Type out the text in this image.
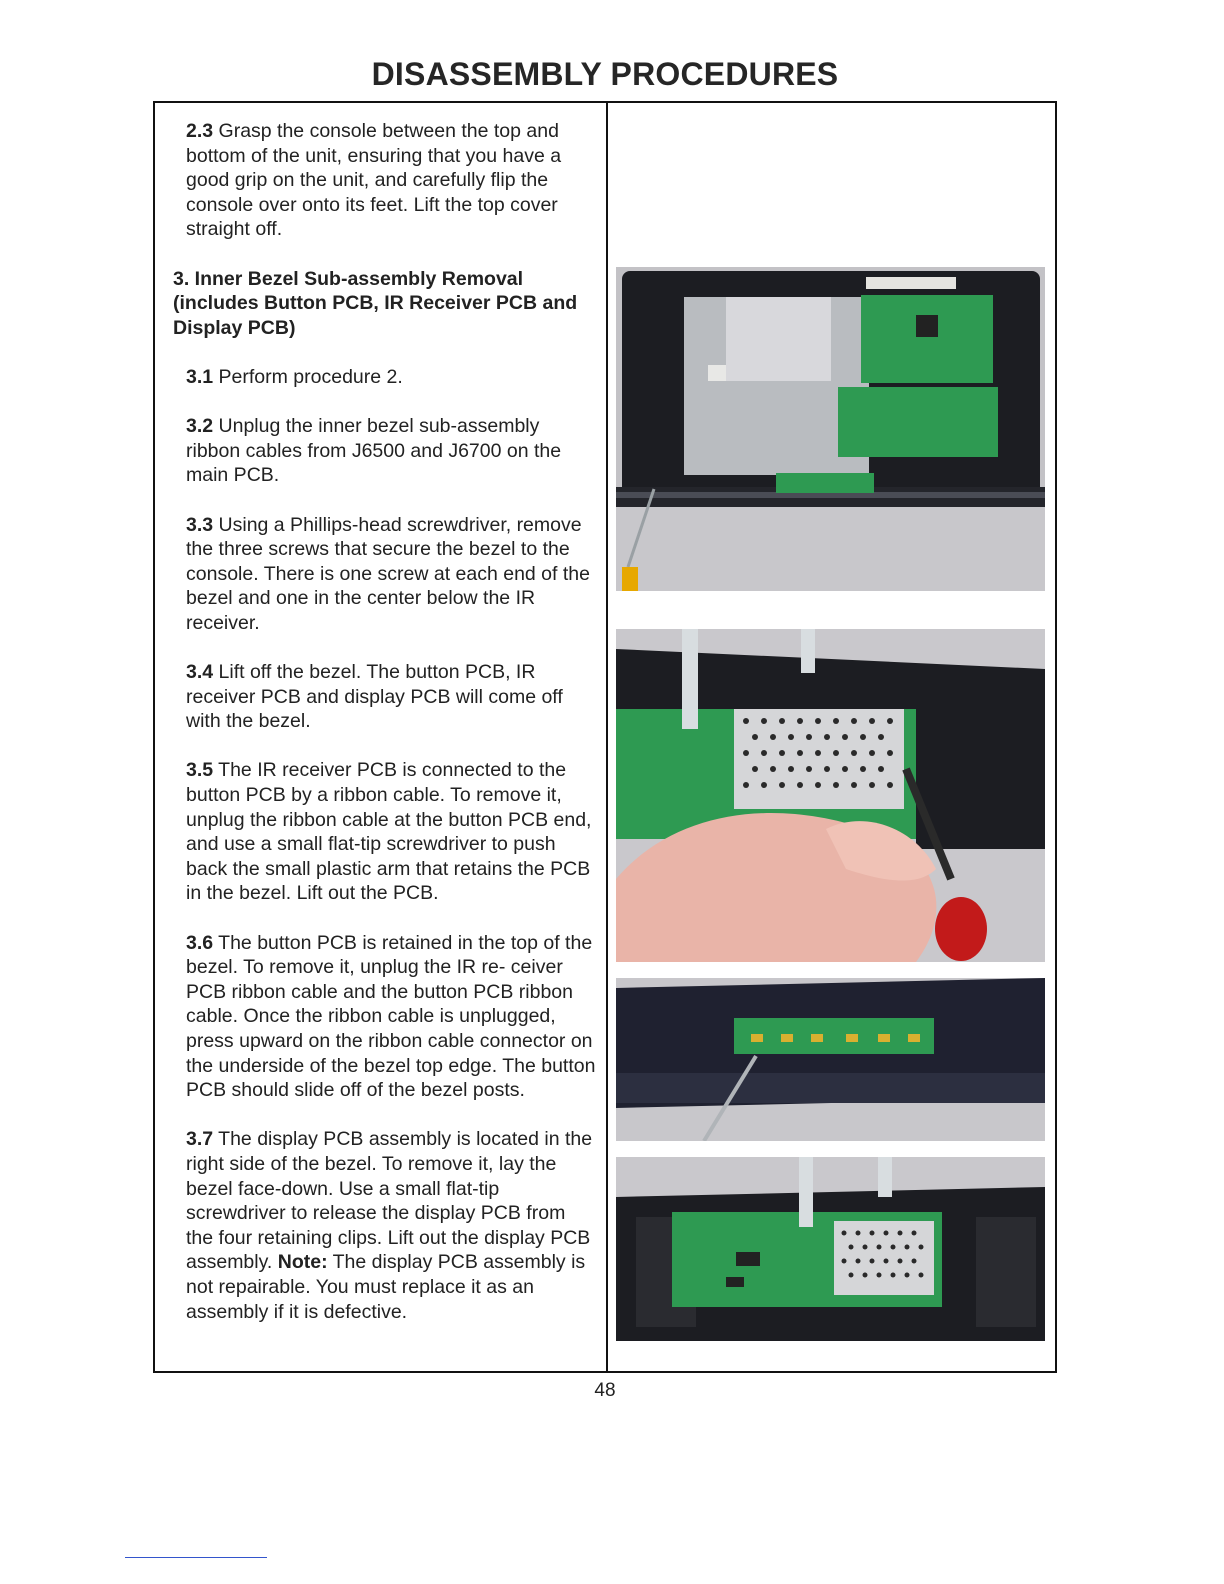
DISASSEMBLY PROCEDURES

2.3 Grasp the console between the top and bottom of the unit, ensuring that you have a good grip on the unit, and carefully flip the console over onto its feet. Lift the top cover straight off.

3. Inner Bezel Sub-assembly Removal (includes Button PCB, IR Receiver PCB and Display PCB)

3.1 Perform procedure 2.

3.2 Unplug the inner bezel sub-assembly ribbon cables from J6500 and J6700 on the main PCB.

3.3 Using a Phillips-head screwdriver, remove the three screws that secure the bezel to the console. There is one screw at each end of the bezel and one in the center below the IR receiver.

3.4 Lift off the bezel. The button PCB, IR receiver PCB and display PCB will come off with the bezel.

3.5 The IR receiver PCB is connected to the button PCB by a ribbon cable. To remove it, unplug the ribbon cable at the button PCB end, and use a small flat-tip screwdriver to push back the small plastic arm that retains the PCB in the bezel. Lift out the PCB.

3.6 The button PCB is retained in the top of the bezel. To remove it, unplug the IR re- ceiver PCB ribbon cable and the button PCB ribbon cable. Once the ribbon cable is unplugged, press upward on the ribbon cable connector on the underside of the bezel top edge. The button PCB should slide off of the bezel posts.

3.7 The display PCB assembly is located in the right side of the bezel. To remove it, lay the bezel face-down. Use a small flat-tip screwdriver to release the display PCB from the four retaining clips. Lift out the display PCB assembly. Note: The display PCB assembly is not repairable. You must replace it as an assembly if it is defective.

48
